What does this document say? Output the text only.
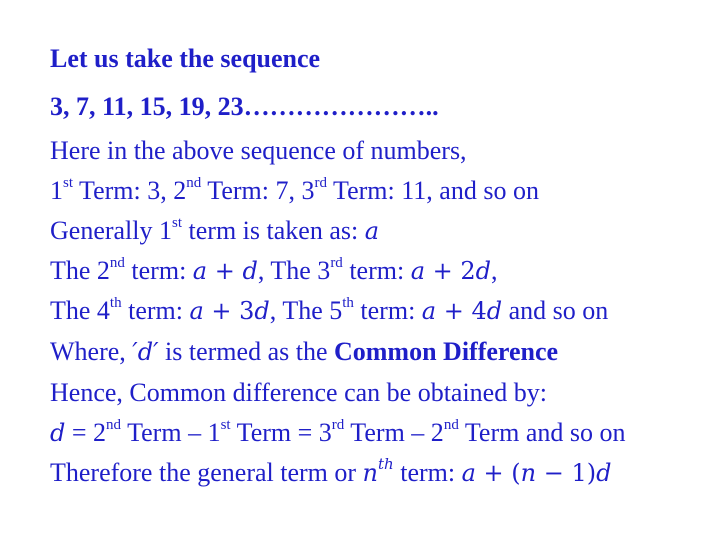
Let us take the sequence
3, 7, 11, 15, 19, 23…………………..
Here in the above sequence of numbers,
1st Term: 3, 2nd Term: 7, 3rd Term: 11, and so on
Generally 1st term is taken as: a
The 2nd term: a + d, The 3rd term: a + 2d,
The 4th term: a + 3d, The 5th term: a + 4d and so on
Where, ′d′ is termed as the Common Difference
Hence, Common difference can be obtained by:
d = 2nd Term – 1st Term = 3rd Term – 2nd Term and so on
Therefore the general term or $n^{th}$ term: a + (n − 1)d
